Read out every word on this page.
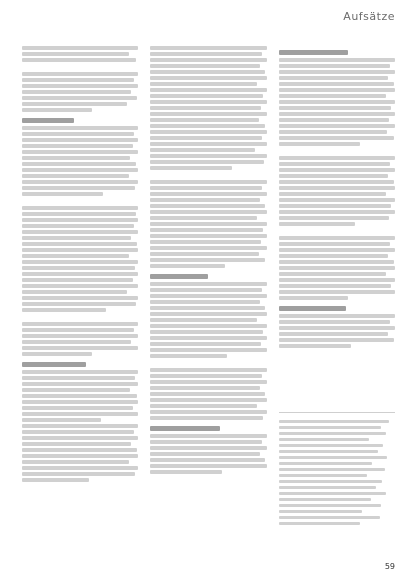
Aufsätze
59
